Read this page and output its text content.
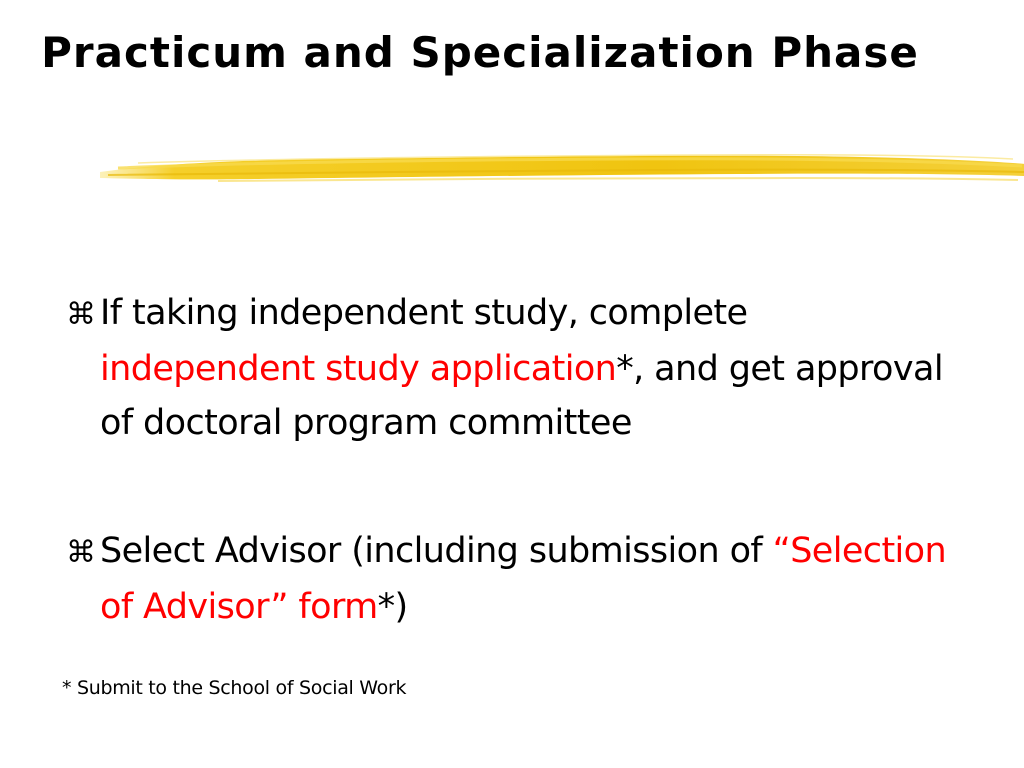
Practicum and Specialization Phase
⌘ If taking independent study, complete independent study application*, and get approval of doctoral program committee
⌘ Select Advisor (including submission of “Selection of Advisor” form*)
* Submit to the School of Social Work
